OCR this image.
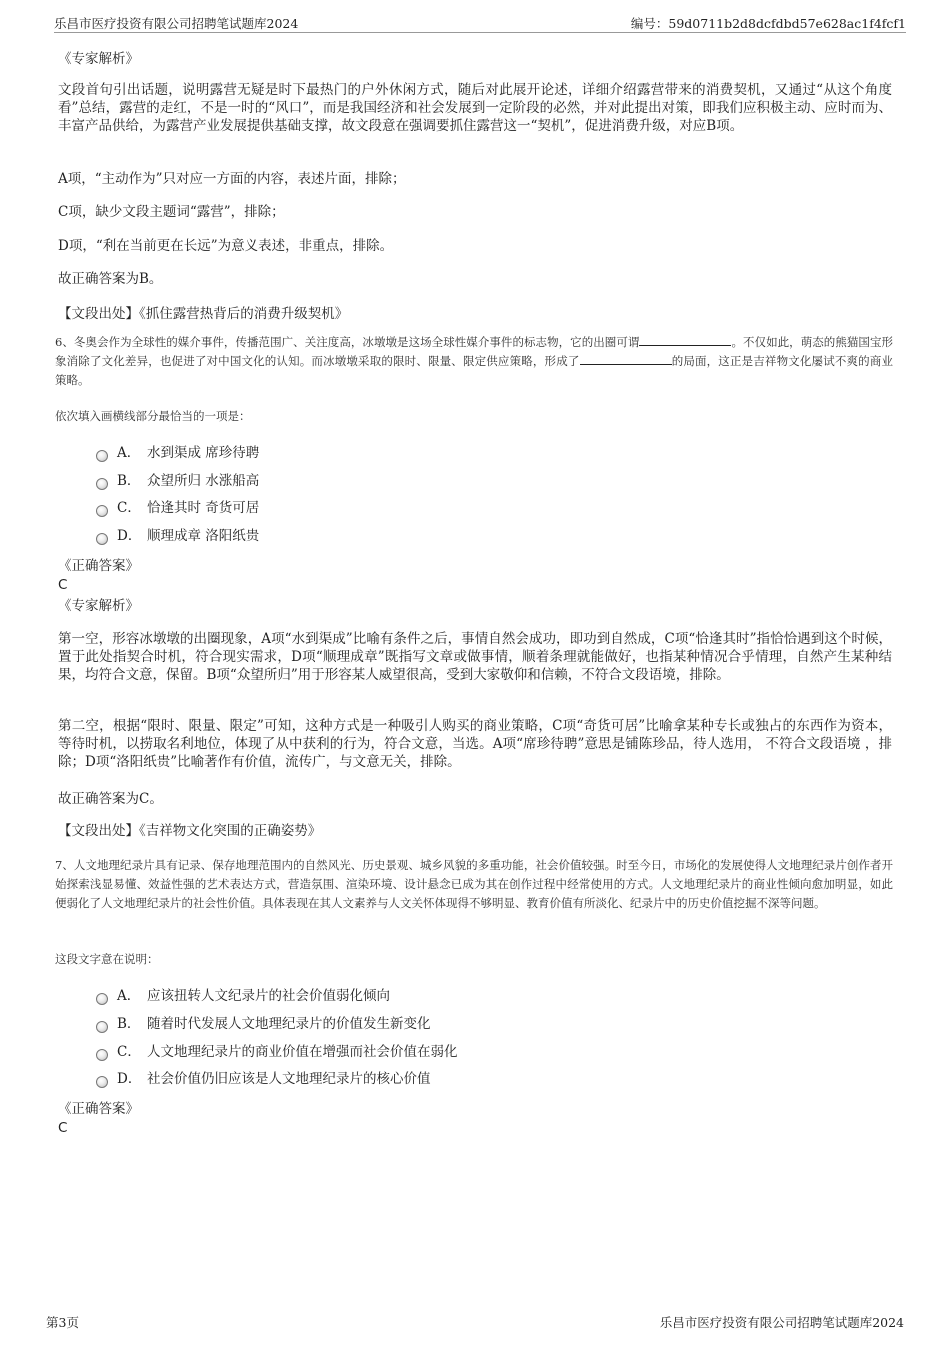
乐昌市医疗投资有限公司招聘笔试题库2024	编号：59d0711b2d8dcfdbd57e628ac1f4fcf1
《专家解析》
文段首句引出话题，说明露营无疑是时下最热门的户外休闲方式，随后对此展开论述，详细介绍露营带来的消费契机，又通过“从这个角度看”总结，露营的走红，不是一时的“风口”，而是我国经济和社会发展到一定阶段的必然，并对此提出对策，即我们应积极主动、应时而为、丰富产品供给，为露营产业发展提供基础支撑，故文段意在强调要抓住露营这一“契机”，促进消费升级，对应B项。
A项，“主动作为”只对应一方面的内容，表述片面，排除；
C项，缺少文段主题词“露营”，排除；
D项，“利在当前更在长远”为意义表述，非重点，排除。
故正确答案为B。
【文段出处】《抓住露营热背后的消费升级契机》
6、冬奥会作为全球性的媒介事件，传播范围广、关注度高，冰墩墩是这场全球性媒介事件的标志物，它的出圈可谓	。不仅如此，萌态的熊猫国宝形象消除了文化差异，也促进了对中国文化的认知。而冰墩墩采取的限时、限量、限定供应策略，形成了	的局面，这正是吉祥物文化屡试不爽的商业策略。
依次填入画横线部分最恰当的一项是：
A． 水到渠成 席珍待聘
B． 众望所归 水涨船高
C． 恰逢其时 奇货可居
D． 顺理成章 洛阳纸贵
《正确答案》
C
《专家解析》
第一空，形容冰墩墩的出圈现象，A项“水到渠成”比喻有条件之后，事情自然会成功，即功到自然成，C项“恰逢其时”指恰恰遇到这个时候，置于此处指契合时机，符合现实需求，D项“顺理成章”既指写文章或做事情，顺着条理就能做好，也指某种情况合乎情理，自然产生某种结果，均符合文意，保留。B项“众望所归”用于形容某人威望很高，受到大家敬仰和信赖，不符合文段语境，排除。
第二空，根据“限时、限量、限定”可知，这种方式是一种吸引人购买的商业策略，C项“奇货可居”比喻拿某种专长或独占的东西作为资本，等待时机，以捞取名利地位，体现了从中获利的行为，符合文意，当选。A项“席珍待聘”意思是铺陈珍品，待人选用， 不符合文段语境 ，排除；D项“洛阳纸贵”比喻著作有价值，流传广，与文意无关，排除。
故正确答案为C。
【文段出处】《吉祥物文化突围的正确姿势》
7、人文地理纪录片具有记录、保存地理范围内的自然风光、历史景观、城乡风貌的多重功能，社会价值较强。时至今日，市场化的发展使得人文地理纪录片创作者开始探索浅显易懂、效益性强的艺术表达方式，营造氛围、渲染环境、设计悬念已成为其在创作过程中经常使用的方式。人文地理纪录片的商业性倾向愈加明显，如此便弱化了人文地理纪录片的社会性价值。具体表现在其人文素养与人文关怀体现得不够明显、教育价值有所淡化、纪录片中的历史价值挖掘不深等问题。
这段文字意在说明：
A． 应该扭转人文纪录片的社会价值弱化倾向
B． 随着时代发展人文地理纪录片的价值发生新变化
C． 人文地理纪录片的商业价值在增强而社会价值在弱化
D． 社会价值仍旧应该是人文地理纪录片的核心价值
《正确答案》
C
第3页	乐昌市医疗投资有限公司招聘笔试题库2024
